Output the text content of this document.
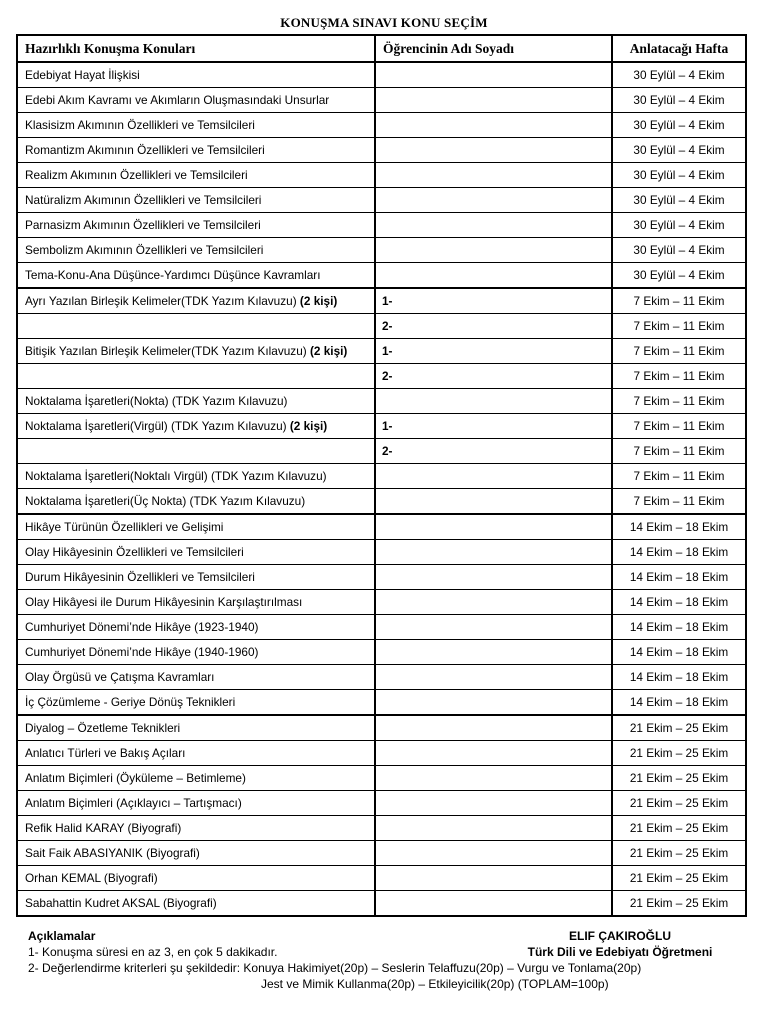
KONUŞMA SINAVI KONU SEÇİM
Hazırlıklı Konuşma Konuları	Öğrencinin Adı Soyadı	Anlatacağı Hafta
Edebiyat Hayat İlişkisi		30 Eylül – 4 Ekim
Edebi Akım Kavramı ve Akımların Oluşmasındaki Unsurlar		30 Eylül – 4 Ekim
Klasisizm Akımının Özellikleri ve Temsilcileri		30 Eylül – 4 Ekim
Romantizm Akımının Özellikleri ve Temsilcileri		30 Eylül – 4 Ekim
Realizm Akımının Özellikleri ve Temsilcileri		30 Eylül – 4 Ekim
Natüralizm Akımının Özellikleri ve Temsilcileri		30 Eylül – 4 Ekim
Parnasizm Akımının Özellikleri ve Temsilcileri		30 Eylül – 4 Ekim
Sembolizm Akımının Özellikleri ve Temsilcileri		30 Eylül – 4 Ekim
Tema-Konu-Ana Düşünce-Yardımcı Düşünce Kavramları		30 Eylül – 4 Ekim
Ayrı Yazılan Birleşik Kelimeler(TDK Yazım Kılavuzu) (2 kişi)	1-	7 Ekim – 11 Ekim
	2-	7 Ekim – 11 Ekim
Bitişik Yazılan Birleşik Kelimeler(TDK Yazım Kılavuzu) (2 kişi)	1-	7 Ekim – 11 Ekim
	2-	7 Ekim – 11 Ekim
Noktalama İşaretleri(Nokta) (TDK Yazım Kılavuzu)		7 Ekim – 11 Ekim
Noktalama İşaretleri(Virgül) (TDK Yazım Kılavuzu) (2 kişi)	1-	7 Ekim – 11 Ekim
	2-	7 Ekim – 11 Ekim
Noktalama İşaretleri(Noktalı Virgül) (TDK Yazım Kılavuzu)		7 Ekim – 11 Ekim
Noktalama İşaretleri(Üç Nokta) (TDK Yazım Kılavuzu)		7 Ekim – 11 Ekim
Hikâye Türünün Özellikleri ve Gelişimi		14 Ekim – 18 Ekim
Olay Hikâyesinin Özellikleri ve Temsilcileri		14 Ekim – 18 Ekim
Durum Hikâyesinin Özellikleri ve Temsilcileri		14 Ekim – 18 Ekim
Olay Hikâyesi ile Durum Hikâyesinin Karşılaştırılması		14 Ekim – 18 Ekim
Cumhuriyet Dönemi’nde Hikâye (1923-1940)		14 Ekim – 18 Ekim
Cumhuriyet Dönemi’nde Hikâye (1940-1960)		14 Ekim – 18 Ekim
Olay Örgüsü ve Çatışma Kavramları		14 Ekim – 18 Ekim
İç Çözümleme - Geriye Dönüş Teknikleri		14 Ekim – 18 Ekim
Diyalog – Özetleme Teknikleri		21 Ekim – 25 Ekim
Anlatıcı Türleri ve Bakış Açıları		21 Ekim – 25 Ekim
Anlatım Biçimleri (Öyküleme – Betimleme)		21 Ekim – 25 Ekim
Anlatım Biçimleri (Açıklayıcı – Tartışmacı)		21 Ekim – 25 Ekim
Refik Halid KARAY (Biyografi)		21 Ekim – 25 Ekim
Sait Faik ABASIYANIK (Biyografi)		21 Ekim – 25 Ekim
Orhan KEMAL (Biyografi)		21 Ekim – 25 Ekim
Sabahattin Kudret AKSAL (Biyografi)		21 Ekim – 25 Ekim
Açıklamalar
1- Konuşma süresi en az 3, en çok 5 dakikadır.
2- Değerlendirme kriterleri şu şekildedir: Konuya Hakimiyet(20p) – Seslerin Telaffuzu(20p) – Vurgu ve Tonlama(20p)
Jest ve Mimik Kullanma(20p) – Etkileyicilik(20p) (TOPLAM=100p)
ELIF ÇAKIROĞLU
Türk Dili ve Edebiyatı Öğretmeni
